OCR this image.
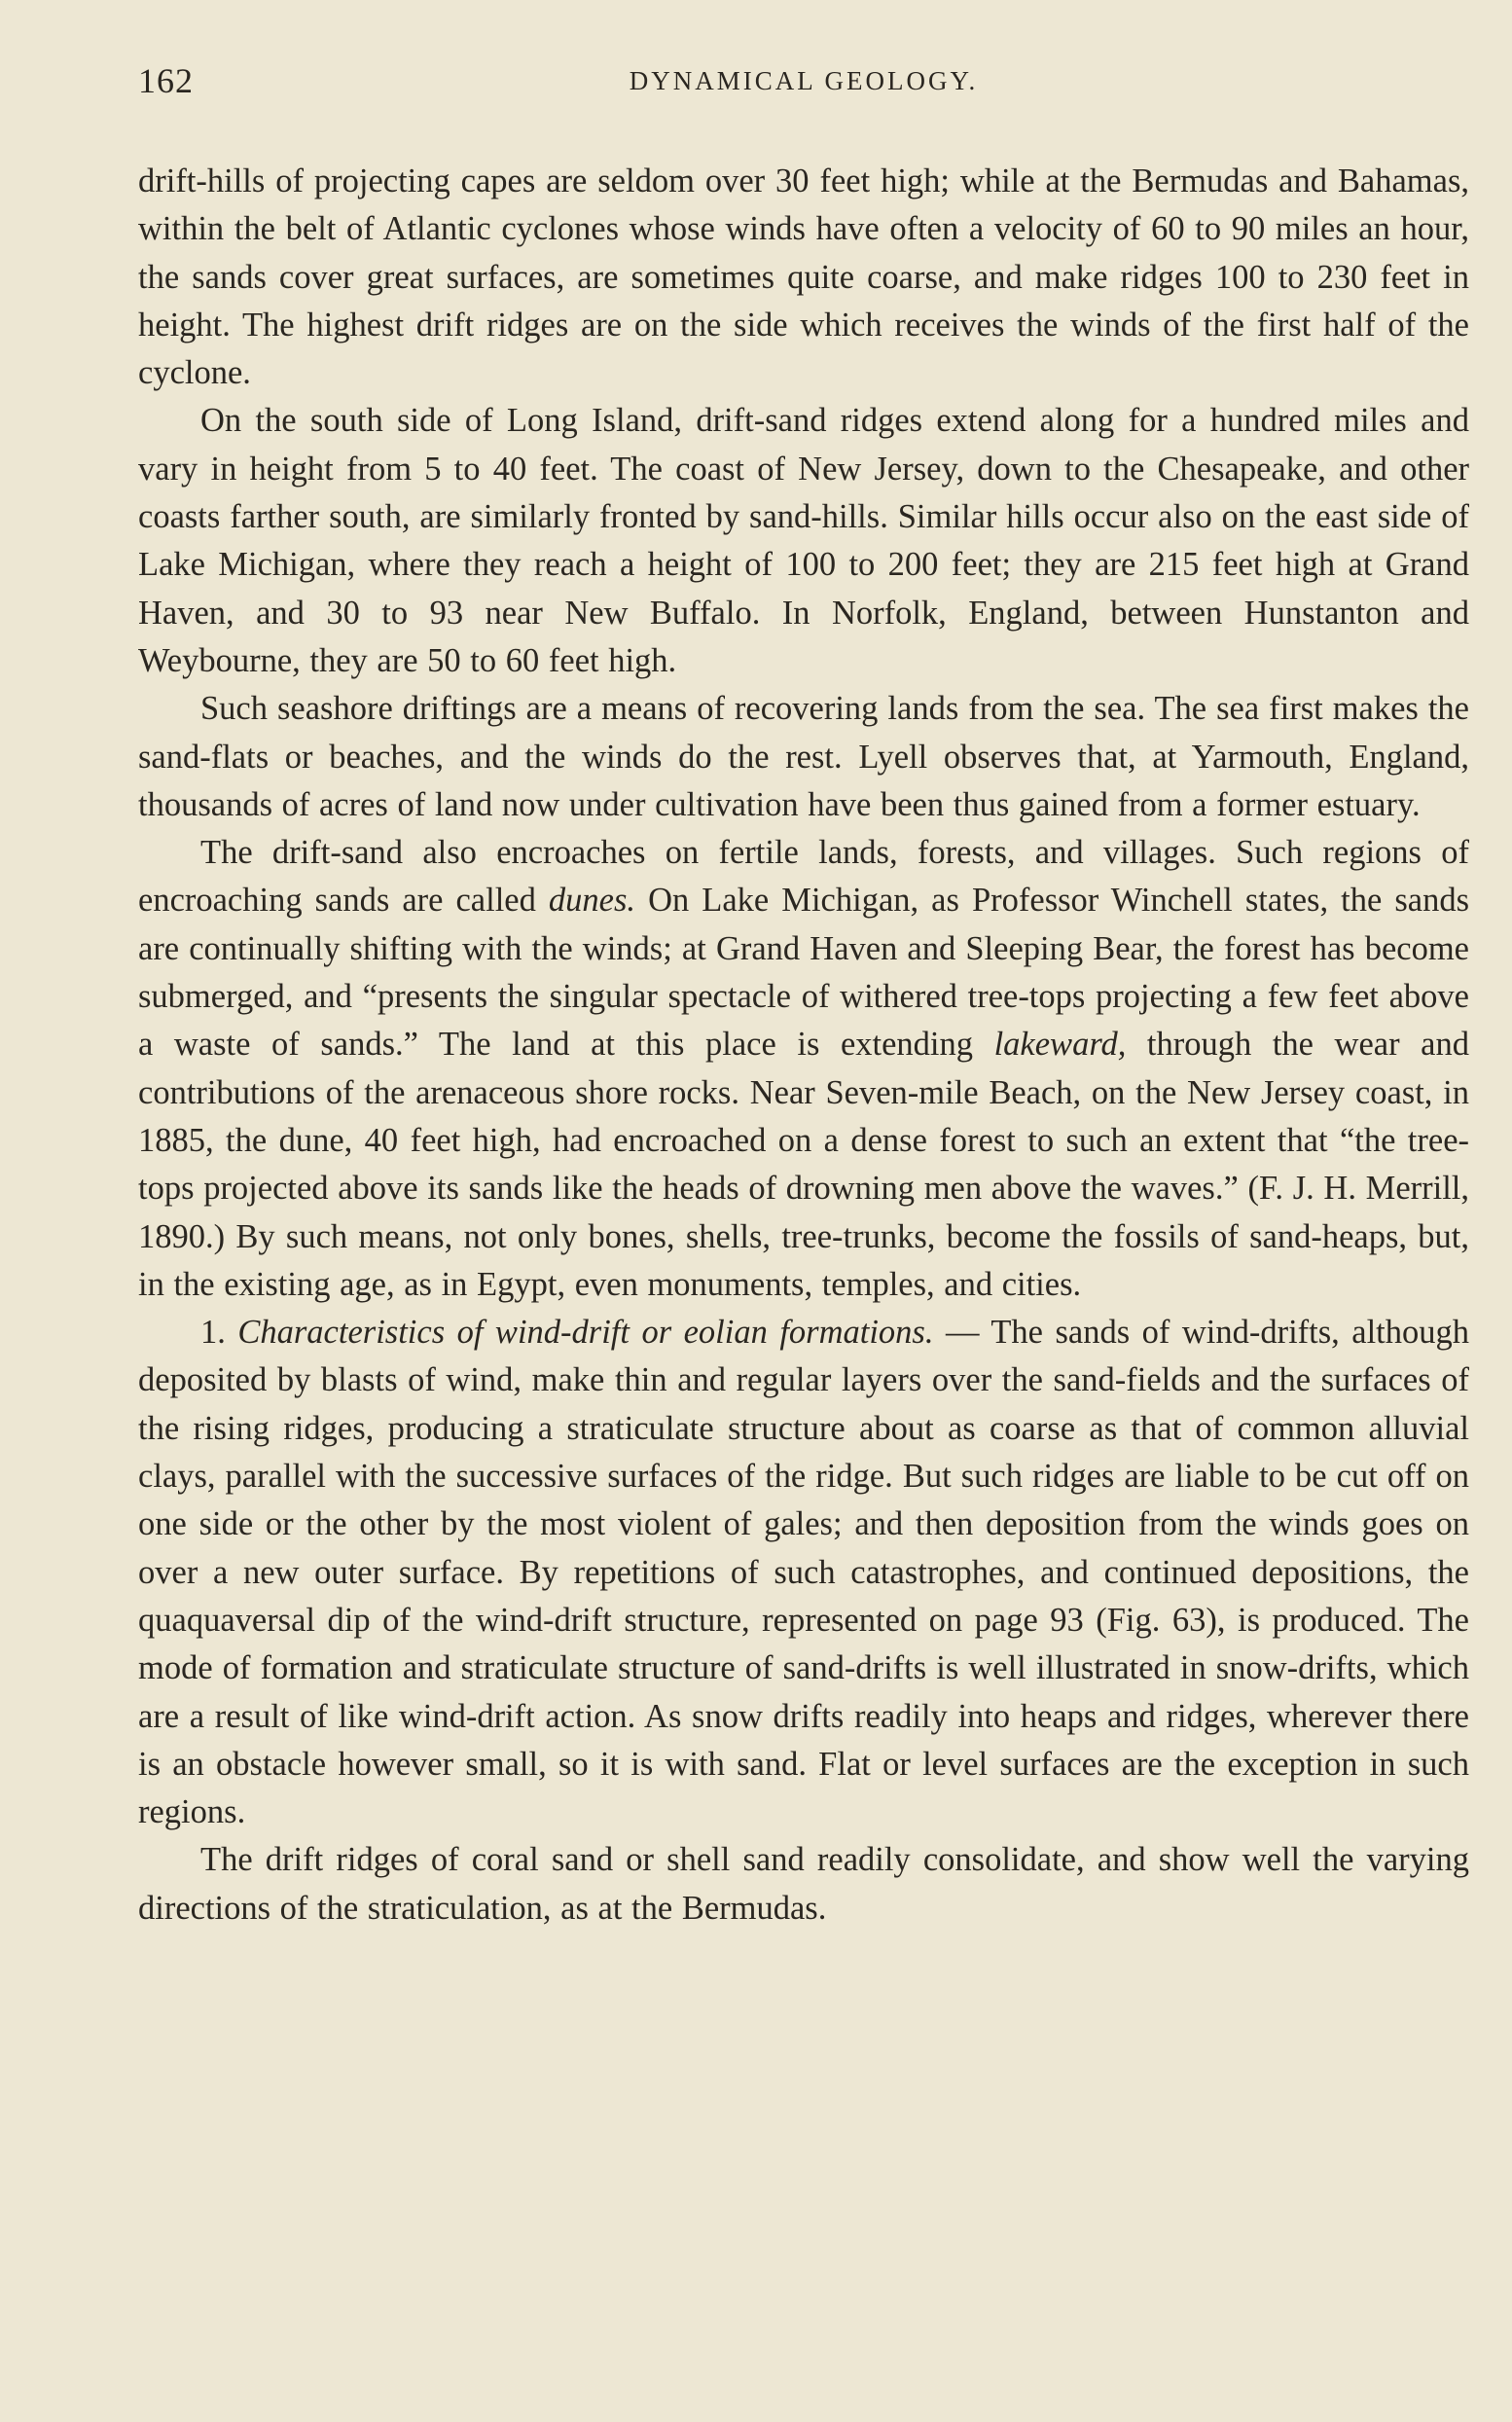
162	DYNAMICAL GEOLOGY.

drift-hills of projecting capes are seldom over 30 feet high; while at the Bermudas and Bahamas, within the belt of Atlantic cyclones whose winds have often a velocity of 60 to 90 miles an hour, the sands cover great surfaces, are sometimes quite coarse, and make ridges 100 to 230 feet in height. The highest drift ridges are on the side which receives the winds of the first half of the cyclone.

On the south side of Long Island, drift-sand ridges extend along for a hundred miles and vary in height from 5 to 40 feet. The coast of New Jersey, down to the Chesapeake, and other coasts farther south, are similarly fronted by sand-hills. Similar hills occur also on the east side of Lake Michigan, where they reach a height of 100 to 200 feet; they are 215 feet high at Grand Haven, and 30 to 93 near New Buffalo. In Norfolk, England, between Hunstanton and Weybourne, they are 50 to 60 feet high.

Such seashore driftings are a means of recovering lands from the sea. The sea first makes the sand-flats or beaches, and the winds do the rest. Lyell observes that, at Yarmouth, England, thousands of acres of land now under cultivation have been thus gained from a former estuary.

The drift-sand also encroaches on fertile lands, forests, and villages. Such regions of encroaching sands are called dunes. On Lake Michigan, as Professor Winchell states, the sands are continually shifting with the winds; at Grand Haven and Sleeping Bear, the forest has become submerged, and “presents the singular spectacle of withered tree-tops projecting a few feet above a waste of sands.” The land at this place is extending lakeward, through the wear and contributions of the arenaceous shore rocks. Near Seven-mile Beach, on the New Jersey coast, in 1885, the dune, 40 feet high, had encroached on a dense forest to such an extent that “the tree-tops projected above its sands like the heads of drowning men above the waves.” (F. J. H. Merrill, 1890.) By such means, not only bones, shells, tree-trunks, become the fossils of sand-heaps, but, in the existing age, as in Egypt, even monuments, temples, and cities.

1. Characteristics of wind-drift or eolian formations. — The sands of wind-drifts, although deposited by blasts of wind, make thin and regular layers over the sand-fields and the surfaces of the rising ridges, producing a straticulate structure about as coarse as that of common alluvial clays, parallel with the successive surfaces of the ridge. But such ridges are liable to be cut off on one side or the other by the most violent of gales; and then deposition from the winds goes on over a new outer surface. By repetitions of such catastrophes, and continued depositions, the quaquaversal dip of the wind-drift structure, represented on page 93 (Fig. 63), is produced. The mode of formation and straticulate structure of sand-drifts is well illustrated in snow-drifts, which are a result of like wind-drift action. As snow drifts readily into heaps and ridges, wherever there is an obstacle however small, so it is with sand. Flat or level surfaces are the exception in such regions.

The drift ridges of coral sand or shell sand readily consolidate, and show well the varying directions of the straticulation, as at the Bermudas.
